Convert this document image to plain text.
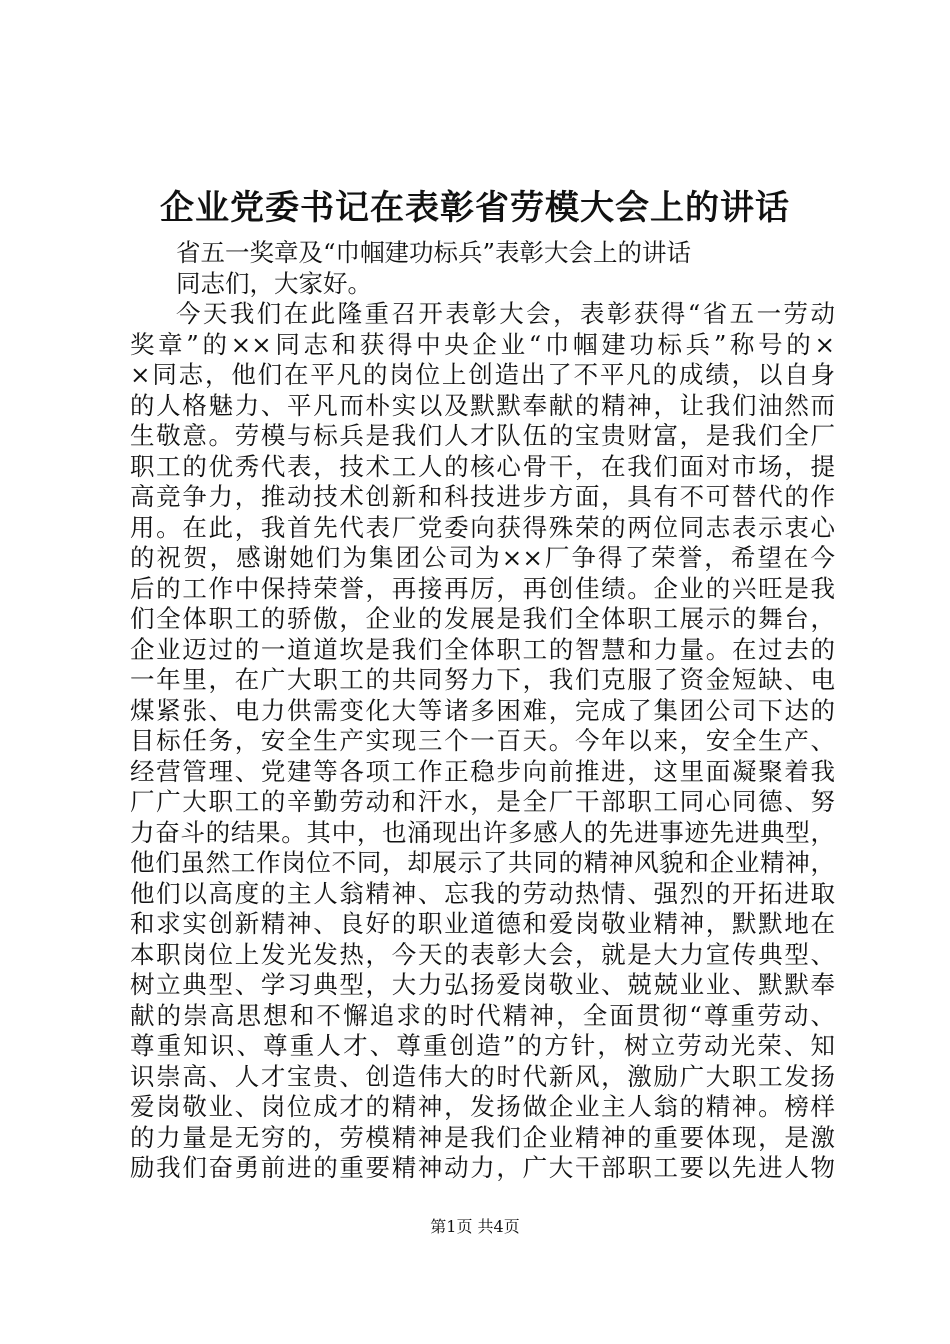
企业党委书记在表彰省劳模大会上的讲话
省五一奖章及“巾帼建功标兵”表彰大会上的讲话
同志们，大家好。
今天我们在此隆重召开表彰大会，表彰获得“省五一劳动
奖章”的××同志和获得中央企业“巾帼建功标兵”称号的×
×同志，他们在平凡的岗位上创造出了不平凡的成绩，以自身
的人格魅力、平凡而朴实以及默默奉献的精神，让我们油然而
生敬意。劳模与标兵是我们人才队伍的宝贵财富，是我们全厂
职工的优秀代表，技术工人的核心骨干，在我们面对市场，提
高竞争力，推动技术创新和科技进步方面，具有不可替代的作
用。在此，我首先代表厂党委向获得殊荣的两位同志表示衷心
的祝贺，感谢她们为集团公司为××厂争得了荣誉，希望在今
后的工作中保持荣誉，再接再厉，再创佳绩。企业的兴旺是我
们全体职工的骄傲，企业的发展是我们全体职工展示的舞台，
企业迈过的一道道坎是我们全体职工的智慧和力量。在过去的
一年里，在广大职工的共同努力下，我们克服了资金短缺、电
煤紧张、电力供需变化大等诸多困难，完成了集团公司下达的
目标任务，安全生产实现三个一百天。今年以来，安全生产、
经营管理、党建等各项工作正稳步向前推进，这里面凝聚着我
厂广大职工的辛勤劳动和汗水，是全厂干部职工同心同德、努
力奋斗的结果。其中，也涌现出许多感人的先进事迹先进典型，
他们虽然工作岗位不同，却展示了共同的精神风貌和企业精神，
他们以高度的主人翁精神、忘我的劳动热情、强烈的开拓进取
和求实创新精神、良好的职业道德和爱岗敬业精神，默默地在
本职岗位上发光发热，今天的表彰大会，就是大力宣传典型、
树立典型、学习典型，大力弘扬爱岗敬业、兢兢业业、默默奉
献的崇高思想和不懈追求的时代精神，全面贯彻“尊重劳动、
尊重知识、尊重人才、尊重创造”的方针，树立劳动光荣、知
识崇高、人才宝贵、创造伟大的时代新风，激励广大职工发扬
爱岗敬业、岗位成才的精神，发扬做企业主人翁的精神。榜样
的力量是无穷的，劳模精神是我们企业精神的重要体现，是激
励我们奋勇前进的重要精神动力，广大干部职工要以先进人物
第1页 共4页
